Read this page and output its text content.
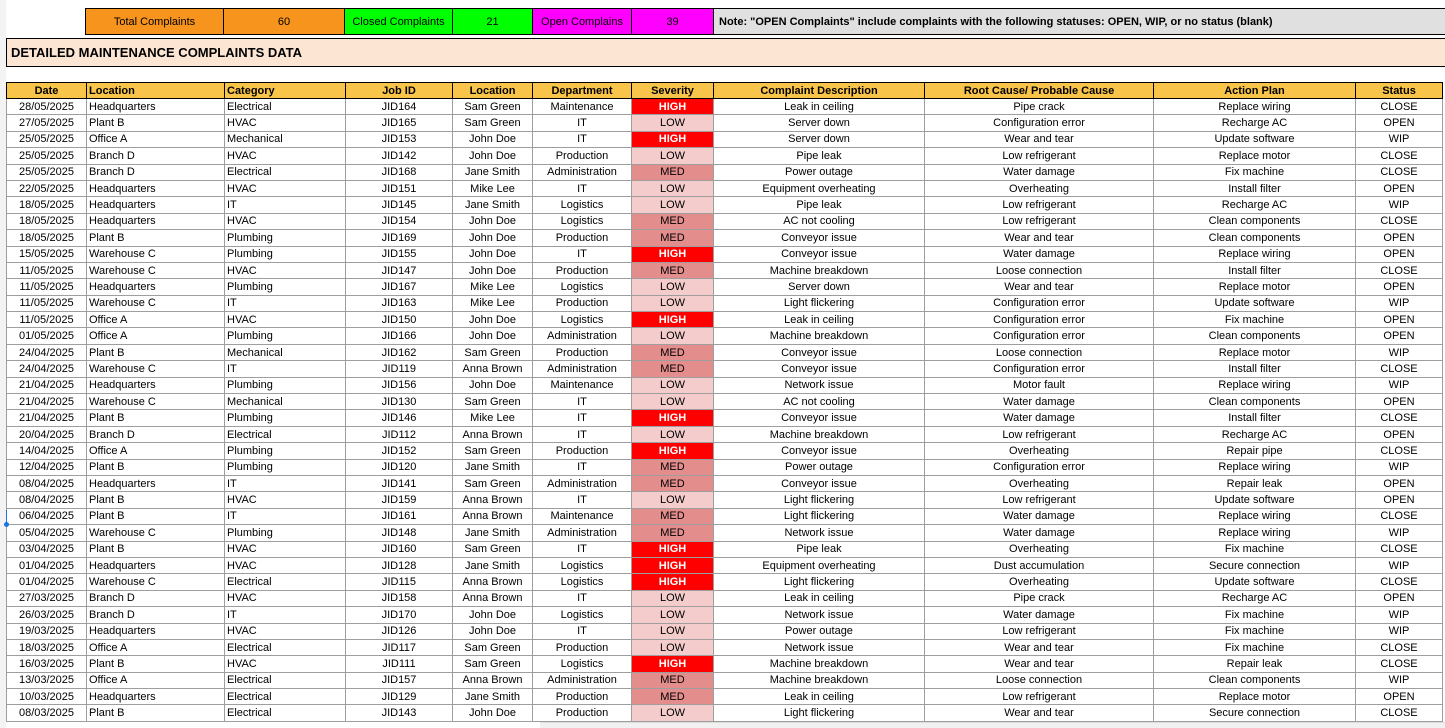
Total Complaints	60	Closed Complaints	21	Open Complains	39	Note: "OPEN Complaints" include complaints with the following statuses: OPEN, WIP, or no status (blank)
DETAILED MAINTENANCE COMPLAINTS DATA
Date	Location	Category	Job ID	Location	Department	Severity	Complaint Description	Root Cause/ Probable Cause	Action Plan	Status
28/05/2025	Headquarters	Electrical	JID164	Sam Green	Maintenance	HIGH	Leak in ceiling	Pipe crack	Replace wiring	CLOSE
27/05/2025	Plant B	HVAC	JID165	Sam Green	IT	LOW	Server down	Configuration error	Recharge AC	OPEN
25/05/2025	Office A	Mechanical	JID153	John Doe	IT	HIGH	Server down	Wear and tear	Update software	WIP
25/05/2025	Branch D	HVAC	JID142	John Doe	Production	LOW	Pipe leak	Low refrigerant	Replace motor	CLOSE
25/05/2025	Branch D	Electrical	JID168	Jane Smith	Administration	MED	Power outage	Water damage	Fix machine	CLOSE
22/05/2025	Headquarters	HVAC	JID151	Mike Lee	IT	LOW	Equipment overheating	Overheating	Install filter	OPEN
18/05/2025	Headquarters	IT	JID145	Jane Smith	Logistics	LOW	Pipe leak	Low refrigerant	Recharge AC	WIP
18/05/2025	Headquarters	HVAC	JID154	John Doe	Logistics	MED	AC not cooling	Low refrigerant	Clean components	CLOSE
18/05/2025	Plant B	Plumbing	JID169	John Doe	Production	MED	Conveyor issue	Wear and tear	Clean components	OPEN
15/05/2025	Warehouse C	Plumbing	JID155	John Doe	IT	HIGH	Conveyor issue	Water damage	Replace wiring	OPEN
11/05/2025	Warehouse C	HVAC	JID147	John Doe	Production	MED	Machine breakdown	Loose connection	Install filter	CLOSE
11/05/2025	Headquarters	Plumbing	JID167	Mike Lee	Logistics	LOW	Server down	Wear and tear	Replace motor	OPEN
11/05/2025	Warehouse C	IT	JID163	Mike Lee	Production	LOW	Light flickering	Configuration error	Update software	WIP
11/05/2025	Office A	HVAC	JID150	John Doe	Logistics	HIGH	Leak in ceiling	Configuration error	Fix machine	OPEN
01/05/2025	Office A	Plumbing	JID166	John Doe	Administration	LOW	Machine breakdown	Configuration error	Clean components	OPEN
24/04/2025	Plant B	Mechanical	JID162	Sam Green	Production	MED	Conveyor issue	Loose connection	Replace motor	WIP
24/04/2025	Warehouse C	IT	JID119	Anna Brown	Administration	MED	Conveyor issue	Configuration error	Install filter	CLOSE
21/04/2025	Headquarters	Plumbing	JID156	John Doe	Maintenance	LOW	Network issue	Motor fault	Replace wiring	WIP
21/04/2025	Warehouse C	Mechanical	JID130	Sam Green	IT	LOW	AC not cooling	Water damage	Clean components	OPEN
21/04/2025	Plant B	Plumbing	JID146	Mike Lee	IT	HIGH	Conveyor issue	Water damage	Install filter	CLOSE
20/04/2025	Branch D	Electrical	JID112	Anna Brown	IT	LOW	Machine breakdown	Low refrigerant	Recharge AC	OPEN
14/04/2025	Office A	Plumbing	JID152	Sam Green	Production	HIGH	Conveyor issue	Overheating	Repair pipe	CLOSE
12/04/2025	Plant B	Plumbing	JID120	Jane Smith	IT	MED	Power outage	Configuration error	Replace wiring	WIP
08/04/2025	Headquarters	IT	JID141	Sam Green	Administration	MED	Conveyor issue	Overheating	Repair leak	OPEN
08/04/2025	Plant B	HVAC	JID159	Anna Brown	IT	LOW	Light flickering	Low refrigerant	Update software	OPEN
06/04/2025	Plant B	IT	JID161	Anna Brown	Maintenance	MED	Light flickering	Water damage	Replace wiring	CLOSE
05/04/2025	Warehouse C	Plumbing	JID148	Jane Smith	Administration	MED	Network issue	Water damage	Replace wiring	WIP
03/04/2025	Plant B	HVAC	JID160	Sam Green	IT	HIGH	Pipe leak	Overheating	Fix machine	CLOSE
01/04/2025	Headquarters	HVAC	JID128	Jane Smith	Logistics	HIGH	Equipment overheating	Dust accumulation	Secure connection	WIP
01/04/2025	Warehouse C	Electrical	JID115	Anna Brown	Logistics	HIGH	Light flickering	Overheating	Update software	CLOSE
27/03/2025	Branch D	HVAC	JID158	Anna Brown	IT	LOW	Leak in ceiling	Pipe crack	Recharge AC	OPEN
26/03/2025	Branch D	IT	JID170	John Doe	Logistics	LOW	Network issue	Water damage	Fix machine	WIP
19/03/2025	Headquarters	HVAC	JID126	John Doe	IT	LOW	Power outage	Low refrigerant	Fix machine	WIP
18/03/2025	Office A	Electrical	JID117	Sam Green	Production	LOW	Network issue	Wear and tear	Fix machine	CLOSE
16/03/2025	Plant B	HVAC	JID111	Sam Green	Logistics	HIGH	Machine breakdown	Wear and tear	Repair leak	CLOSE
13/03/2025	Office A	Electrical	JID157	Anna Brown	Administration	MED	Machine breakdown	Loose connection	Clean components	WIP
10/03/2025	Headquarters	Electrical	JID129	Jane Smith	Production	MED	Leak in ceiling	Low refrigerant	Replace motor	OPEN
08/03/2025	Plant B	Electrical	JID143	John Doe	Production	LOW	Light flickering	Wear and tear	Secure connection	CLOSE
